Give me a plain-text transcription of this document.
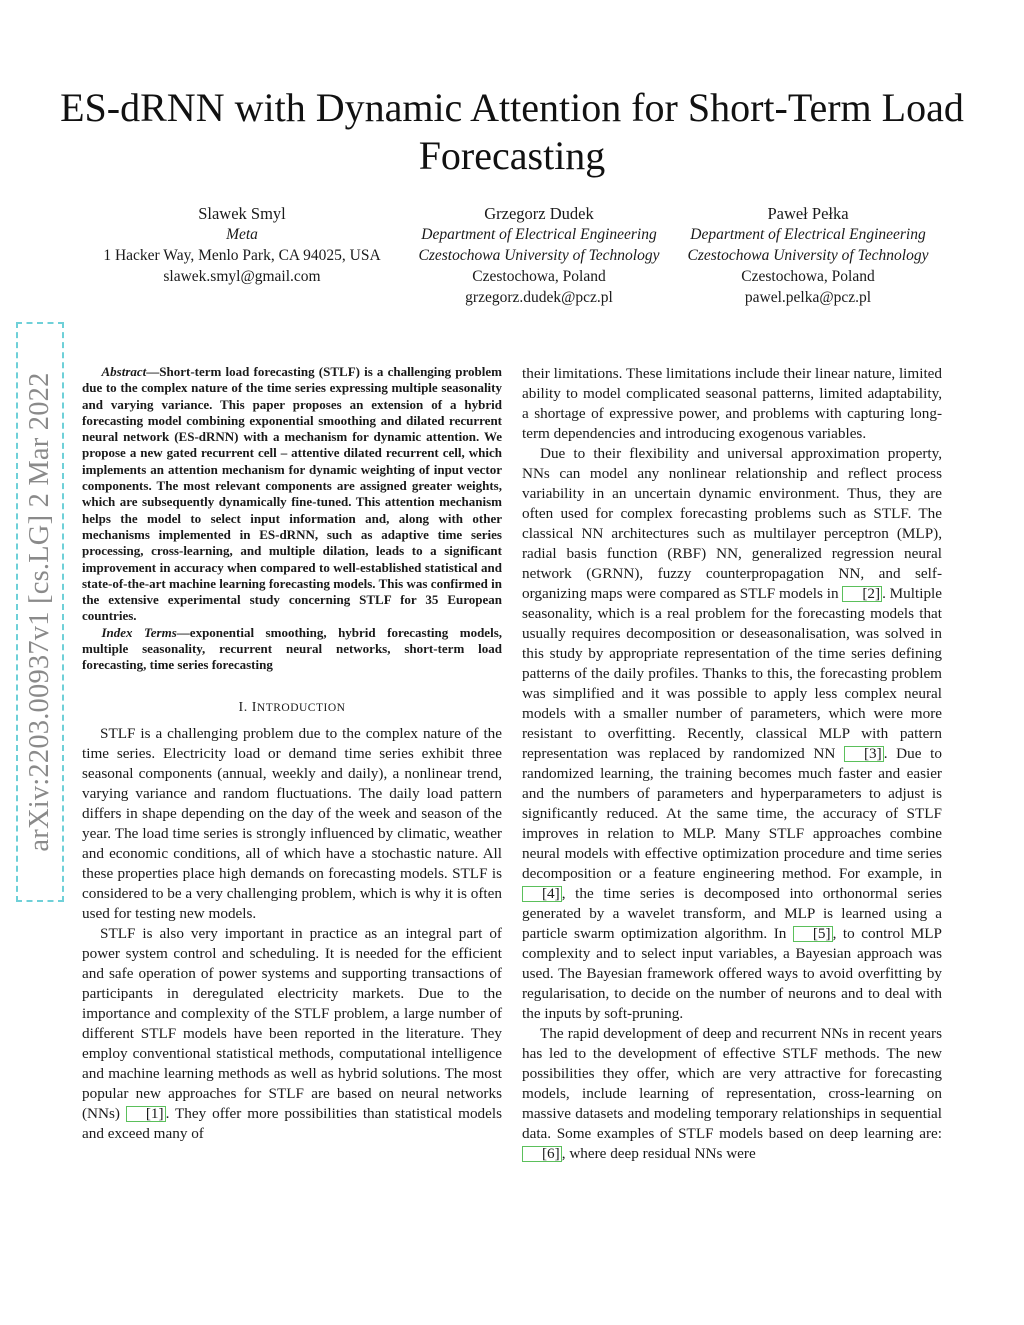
ES-dRNN with Dynamic Attention for Short-Term Load Forecasting
Slawek Smyl
Meta
1 Hacker Way, Menlo Park, CA 94025, USA
slawek.smyl@gmail.com
Grzegorz Dudek
Department of Electrical Engineering
Czestochowa University of Technology
Czestochowa, Poland
grzegorz.dudek@pcz.pl
Paweł Pełka
Department of Electrical Engineering
Czestochowa University of Technology
Czestochowa, Poland
pawel.pelka@pcz.pl
arXiv:2203.00937v1 [cs.LG] 2 Mar 2022

Abstract—Short-term load forecasting (STLF) is a challenging problem due to the complex nature of the time series expressing multiple seasonality and varying variance. This paper proposes an extension of a hybrid forecasting model combining exponential smoothing and dilated recurrent neural network (ES-dRNN) with a mechanism for dynamic attention. We propose a new gated recurrent cell – attentive dilated recurrent cell, which implements an attention mechanism for dynamic weighting of input vector components. The most relevant components are assigned greater weights, which are subsequently dynamically fine-tuned. This attention mechanism helps the model to select input information and, along with other mechanisms implemented in ES-dRNN, such as adaptive time series processing, cross-learning, and multiple dilation, leads to a significant improvement in accuracy when compared to well-established statistical and state-of-the-art machine learning forecasting models. This was confirmed in the extensive experimental study concerning STLF for 35 European countries.

Index Terms—exponential smoothing, hybrid forecasting models, multiple seasonality, recurrent neural networks, short-term load forecasting, time series forecasting

I. INTRODUCTION

STLF is a challenging problem due to the complex nature of the time series. Electricity load or demand time series exhibit three seasonal components (annual, weekly and daily), a nonlinear trend, varying variance and random fluctuations. The daily load pattern differs in shape depending on the day of the week and season of the year. The load time series is strongly influenced by climatic, weather and economic conditions, all of which have a stochastic nature. All these properties place high demands on forecasting models. STLF is considered to be a very challenging problem, which is why it is often used for testing new models.

STLF is also very important in practice as an integral part of power system control and scheduling. It is needed for the efficient and safe operation of power systems and supporting transactions of participants in deregulated electricity markets. Due to the importance and complexity of the STLF problem, a large number of different STLF models have been reported in the literature. They employ conventional statistical methods, computational intelligence and machine learning methods as well as hybrid solutions. The most popular new approaches for STLF are based on neural networks (NNs) [1] . They offer more possibilities than statistical models and exceed many of

their limitations. These limitations include their linear nature, limited ability to model complicated seasonal patterns, limited adaptability, a shortage of expressive power, and problems with capturing long-term dependencies and introducing exogenous variables.

Due to their flexibility and universal approximation property, NNs can model any nonlinear relationship and reflect process variability in an uncertain dynamic environment. Thus, they are often used for complex forecasting problems such as STLF. The classical NN architectures such as multilayer perceptron (MLP), radial basis function (RBF) NN, generalized regression neural network (GRNN), fuzzy counterpropagation NN, and self-organizing maps were compared as STLF models in [2] . Multiple seasonality, which is a real problem for the forecasting models that usually requires decomposition or deseasonalisation, was solved in this study by appropriate representation of the time series defining patterns of the daily profiles. Thanks to this, the forecasting problem was simplified and it was possible to apply less complex neural models with a smaller number of parameters, which were more resistant to overfitting. Recently, classical MLP with pattern representation was replaced by randomized NN [3] . Due to randomized learning, the training becomes much faster and easier and the numbers of parameters and hyperparameters to adjust is significantly reduced. At the same time, the accuracy of STLF improves in relation to MLP. Many STLF approaches combine neural models with effective optimization procedure and time series decomposition or a feature engineering method. For example, in [4] , the time series is decomposed into orthonormal series generated by a wavelet transform, and MLP is learned using a particle swarm optimization algorithm. In [5] , to control MLP complexity and to select input variables, a Bayesian approach was used. The Bayesian framework offered ways to avoid overfitting by regularisation, to decide on the number of neurons and to deal with the inputs by soft-pruning.

The rapid development of deep and recurrent NNs in recent years has led to the development of effective STLF methods. The new possibilities they offer, which are very attractive for forecasting models, include learning of representation, cross-learning on massive datasets and modeling temporary relationships in sequential data. Some examples of STLF models based on deep learning are: [6] , where deep residual NNs were
